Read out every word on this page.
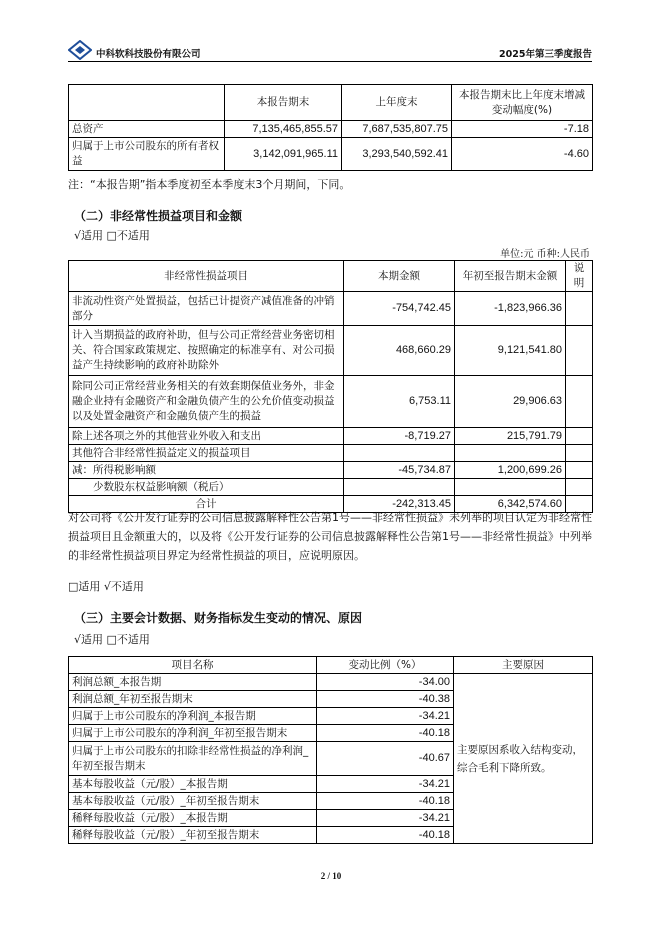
中科软科技股份有限公司	2025年第三季度报告
	本报告期末	上年度末	本报告期末比上年度末增减变动幅度(%)
总资产	7,135,465,855.57	7,687,535,807.75	-7.18
归属于上市公司股东的所有者权益	3,142,091,965.11	3,293,540,592.41	-4.60
注：“本报告期”指本季度初至本季度末3个月期间，下同。
（二）非经常性损益项目和金额
√适用 □不适用
单位:元 币种:人民币
非经常性损益项目	本期金额	年初至报告期末金额	说明
非流动性资产处置损益，包括已计提资产减值准备的冲销部分	-754,742.45	-1,823,966.36	
计入当期损益的政府补助，但与公司正常经营业务密切相关、符合国家政策规定、按照确定的标准享有、对公司损益产生持续影响的政府补助除外	468,660.29	9,121,541.80	
除同公司正常经营业务相关的有效套期保值业务外，非金融企业持有金融资产和金融负债产生的公允价值变动损益以及处置金融资产和金融负债产生的损益	6,753.11	29,906.63	
除上述各项之外的其他营业外收入和支出	-8,719.27	215,791.79	
其他符合非经常性损益定义的损益项目			
减：所得税影响额	-45,734.87	1,200,699.26	
少数股东权益影响额（税后）			
合计	-242,313.45	6,342,574.60	
对公司将《公开发行证券的公司信息披露解释性公告第1号——非经常性损益》未列举的项目认定为非经常性损益项目且金额重大的，以及将《公开发行证券的公司信息披露解释性公告第1号——非经常性损益》中列举的非经常性损益项目界定为经常性损益的项目，应说明原因。
□适用 √不适用
（三）主要会计数据、财务指标发生变动的情况、原因
√适用 □不适用
项目名称	变动比例（%）	主要原因
利润总额_本报告期	-34.00	主要原因系收入结构变动，综合毛利下降所致。
利润总额_年初至报告期末	-40.38	
归属于上市公司股东的净利润_本报告期	-34.21	
归属于上市公司股东的净利润_年初至报告期末	-40.18	
归属于上市公司股东的扣除非经常性损益的净利润_年初至报告期末	-40.67	
基本每股收益（元/股）_本报告期	-34.21	
基本每股收益（元/股）_年初至报告期末	-40.18	
稀释每股收益（元/股）_本报告期	-34.21	
稀释每股收益（元/股）_年初至报告期末	-40.18	
2 / 10
